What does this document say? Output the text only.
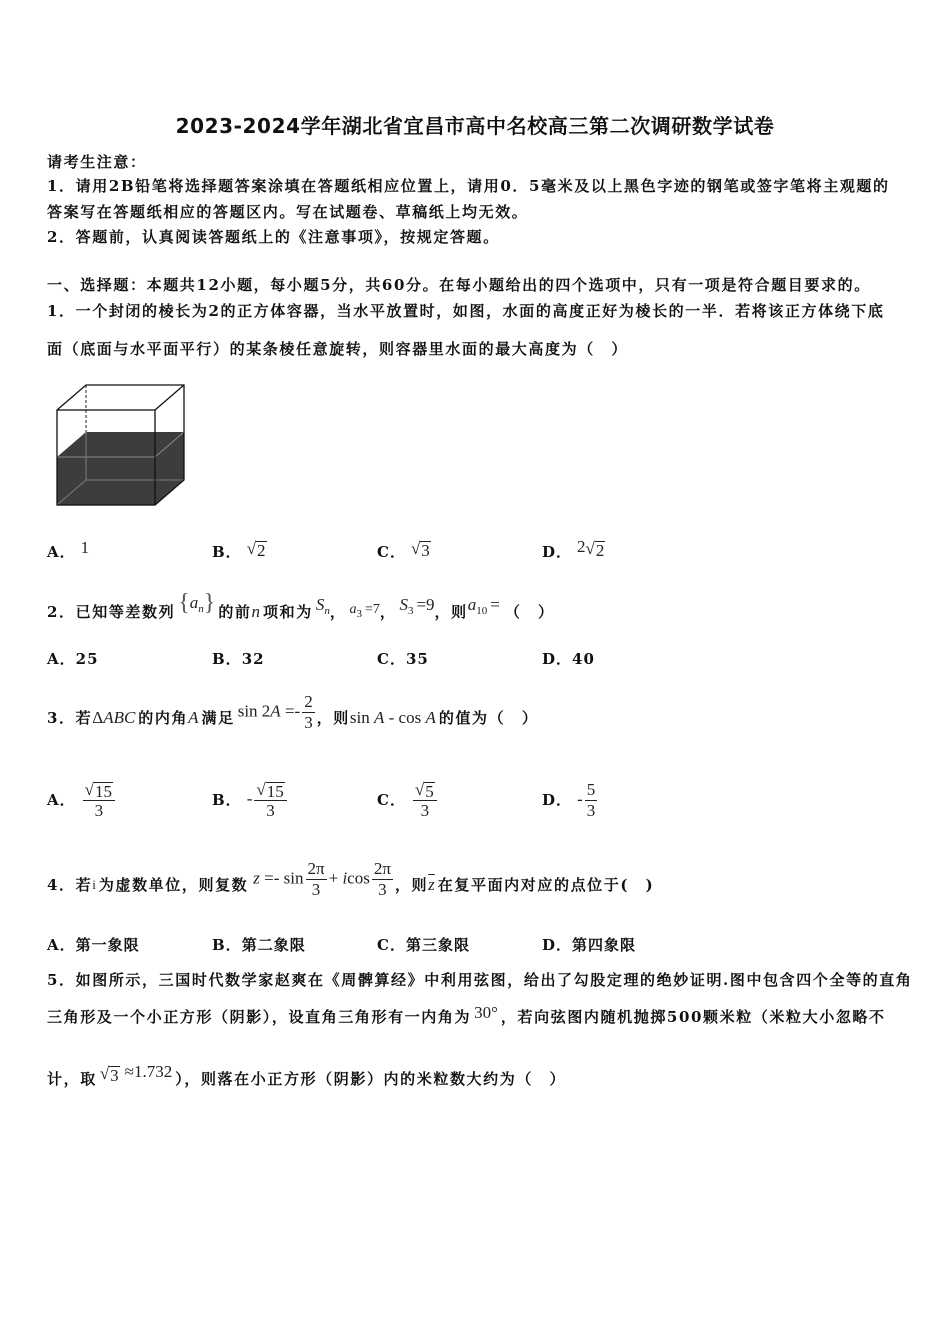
2023-2024学年湖北省宜昌市高中名校高三第二次调研数学试卷
请考生注意：
1．请用2B铅笔将选择题答案涂填在答题纸相应位置上，请用0．5毫米及以上黑色字迹的钢笔或签字笔将主观题的
答案写在答题纸相应的答题区内。写在试题卷、草稿纸上均无效。
2．答题前，认真阅读答题纸上的《注意事项》，按规定答题。
一、选择题：本题共12小题，每小题5分，共60分。在每小题给出的四个选项中，只有一项是符合题目要求的。
1．一个封闭的棱长为2的正方体容器，当水平放置时，如图，水面的高度正好为棱长的一半．若将该正方体绕下底
面（底面与水平面平行）的某条棱任意旋转，则容器里水面的最大高度为（　）
A． 1	B． √ 2	C． √ 3	D． 2 √ 2
2．已知等差数列 $\{a_n\}$ 的前 n 项和为 $S_n$ ， $a_3 =7$ ， $S_3 =9$ ，则 $a_{10}$ = （　）
A． 25	B． 32	C． 35	D． 40
3．若 ΔABC 的内角 A 满足 $\sin 2A =- \frac{2}{3}$ ，则 sin A - cos A 的值为（　）
A． $\frac{√ 15}{3}$	B． - $\frac{√ 15}{3}$	C． $\frac{√ 5}{3}$	D． - $\frac{5}{3}$
4．若 i 为虚数单位，则复数 $z =- \sin \frac{2\pi}{3} + icos \frac{2\pi}{3}$ ，则 $\overline{z}$ 在复平面内对应的点位于(　)
A． 第一象限	B． 第二象限	C． 第三象限	D． 第四象限
5．如图所示，三国时代数学家赵爽在《周髀算经》中利用弦图，给出了勾股定理的绝妙证明.图中包含四个全等的直角
三角形及一个小正方形（阴影），设直角三角形有一内角为 30° ，若向弦图内随机抛掷500颗米粒（米粒大小忽略不
计，取 √ 3 ≈1.732 ），则落在小正方形（阴影）内的米粒数大约为（　）
